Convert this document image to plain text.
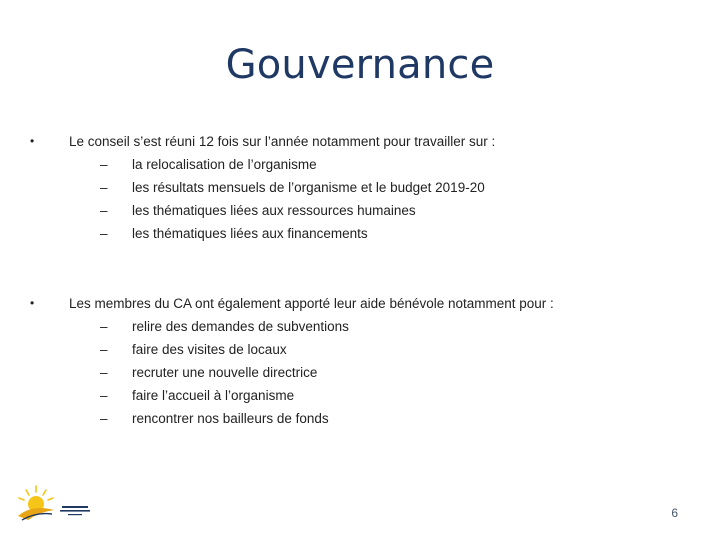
Gouvernance
•	Le conseil s’est réuni 12 fois sur l’année notamment pour travailler sur :
– la relocalisation de l’organisme
– les résultats mensuels de l’organisme et le budget 2019-20
– les thématiques liées aux ressources humaines
– les thématiques liées aux financements
•	Les membres du CA ont également apporté leur aide bénévole notamment pour :
– relire des demandes de subventions
– faire des visites de locaux
– recruter une nouvelle directrice
– faire l’accueil à l’organisme
– rencontrer nos bailleurs de fonds
6
